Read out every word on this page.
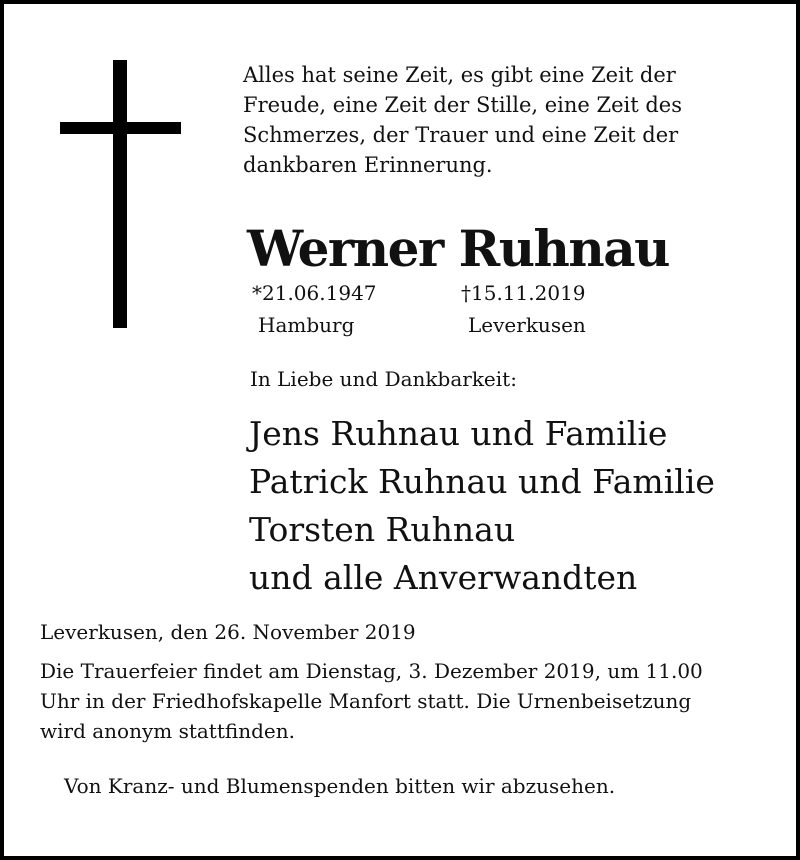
Alles hat seine Zeit, es gibt eine Zeit der
Freude, eine Zeit der Stille, eine Zeit des
Schmerzes, der Trauer und eine Zeit der
dankbaren Erinnerung.

Werner Ruhnau
*21.06.1947
Hamburg
†15.11.2019
Leverkusen
In Liebe und Dankbarkeit:
Jens Ruhnau und Familie
Patrick Ruhnau und Familie
Torsten Ruhnau
und alle Anverwandten
Leverkusen, den 26. November 2019

Die Trauerfeier findet am Dienstag, 3. Dezember 2019, um 11.00
Uhr in der Friedhofskapelle Manfort statt. Die Urnenbeisetzung
wird anonym stattfinden.

Von Kranz- und Blumenspenden bitten wir abzusehen.
